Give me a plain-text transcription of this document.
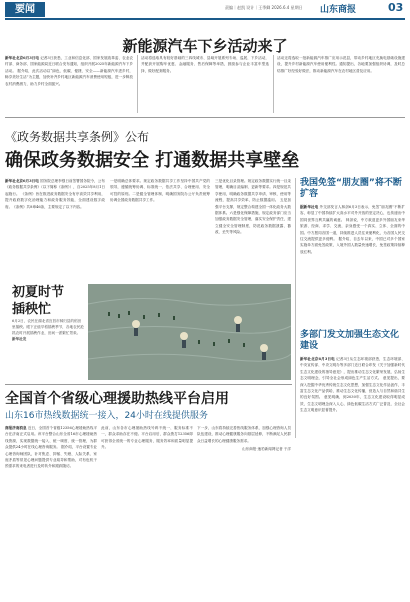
要闻	责编｜赵凯 设计｜王季卿 2026.6.4 星期日 山东商报	03
新能源汽车下乡活动来了
新华社北京6月3日电 记者3日获悉，工业和信息化部、国家发展改革委、农业农村部、商务部、国家能源局近日联合发布通知，组织开展2025年新能源汽车下乡活动。 据介绍，此次活动以“绿色、低碳、便捷、安全——新能源汽车进乡村，畅享美好生活”为主题，加快补齐乡村地区新能源汽车消费使用短板，进一步释放农村消费潜力，助力乡村全面振兴。
活动将选取具有较好基础的三四线城市、县域开展系列专场、巡展、下乡活动，并配套开展购车优惠、金融服务、售后保障等举措，鼓励参与企业丰富车型选择，做好配套服务。
活动还将选取一批新能源汽车推广应用示范县，带动乡村地区充换电基础设施建设，提升乡村新能源汽车使用便利性。通知提出，各地要加强组织协调，及时总结推广好经验好做法，推动新能源汽车在农村地区普及应用。
《政务数据共享条例》公布
确保政务数据安全 打通数据共享壁垒
新华社北京6月3日电 国务院总理李强日前签署国务院令，公布《政务数据共享条例》（以下简称《条例》），自2025年8月1日起施行。 《条例》旨在推进政务数据安全有序高效共享利用，提升政府数字化治理能力和政务服务效能，全面建设数字政府。《条例》共8章46条，主要规定了以下内容。
一是明确总体要求。规定政务数据共享工作坚持中国共产党的领导，遵循统筹协调、标准统一、依法共享、合理使用、安全可控的原则。二是健全管理体制，明确国务院办公厅负责统筹协调全国政务数据共享工作。
三是优化目录管理。规定政务数据实行统一目录管理，明确目录编制、更新等要求。四是规范共享使用，明确政务数据共享申请、审核、使用等流程，提高共享效率，防止数据滥用。 五是加强平台支撑，规定整合构建全国一体化政务大数据体系。六是强化保障措施，规定政务部门应当加强政务数据安全管理，落实安全保护责任，建立健全安全管理制度，防范政务数据泄露、篡改、丢失等风险。
我国免签“朋友圈”将不断扩容
据新华社电 外交部发言人林剑6月3日表示，免签“朋友圈”不断扩容，彰显了中国持续扩大高水平对外开放的坚定决心，也传递出中国同世界互利共赢的诚意。 林剑说，中方欢迎更多外国朋友来华旅游、经商、求学、交流，亲身感受一个真实、立体、全面的中国。中方愿同各国一道，持续推进人员往来便利化，为各国人民交往交流提供更多便利。 据介绍，自去年以来，中国已对多个国家实施单方面免签政策，入境外国人数量快速增长，免签政策持续释放红利。
初夏时节插秧忙
6月2日，农民在湖北省宜昌市秭归县的稻田里插秧。眼下正值早稻插秧季节，各地农民抢抓农时开展插秧作业，田间一派繁忙景象。 新华社发	多部门发文加强生态文化建设
新华社北京6月3日电 记者3日从生态环境部获悉，生态环境部、中央宣传部、中央文明办等多部门近日联合印发《关于加强新时代生态文化建设的指导意见》，提出推动生态文化繁荣发展，弘扬生态文明理念，引导全社会形成绿色生产生活方式。 意见提出，要深入挖掘中华优秀传统生态文化思想，加强生态文化作品创作，丰富生态文化产品供给，推动生态文化传播，营造人与自然和谐共生的良好氛围。 意见明确，到2030年，生态文化建设取得明显成效，生态文明理念深入人心，绿色低碳生活方式广泛普及，全社会生态文明意识显著提升。
全国首个省级心理援助热线平台启用
山东16市热线数据统一接入，24小时在线提供服务
商报济南消息 近日，全国首个省级12356心理援助热线平台在济南正式启用。该平台整合山东全省16市心理援助热线资源，实现数据统一接入、统一调度、统一管理，为群众提供24小时在线心理咨询服务。 据介绍，平台设置专业心理咨询师团队，针对焦虑、抑郁、失眠、人际关系、家庭矛盾等常见心理问题提供专业疏导和帮助，对有危机干预需求的来电者进行及时转介和跟踪随访。
此前，山东各市心理援助热线号码不统一、服务标准不一，群众求助存在不便。平台启用后，群众拨打12356即可获得全省统一的专业心理服务，服务效率和质量明显提升。
下一步，山东将持续完善热线服务体系，加强心理咨询人员队伍建设，推动心理健康服务向基层延伸，不断满足人民群众日益增长的心理健康服务需求。
山东商报·速豹新闻网记者 于洋
